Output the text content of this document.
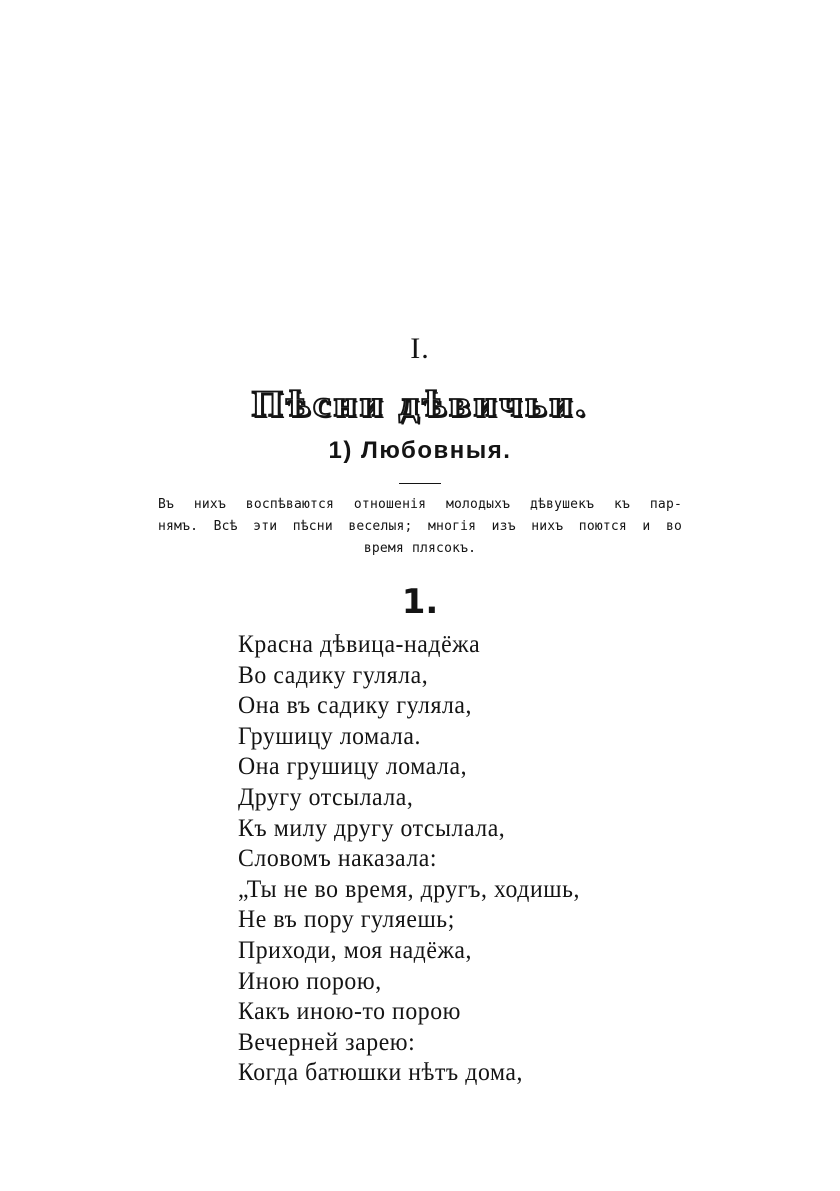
I.
Пѣсни дѣвичьи.
1) Любовныя.
Въ нихъ воспѣваются отношенія молодыхъ дѣвушекъ къ пар-
нямъ. Всѣ эти пѣсни веселыя; многія изъ нихъ поются и во
время плясокъ.
1.
Красна дѣвица-надёжа
Во садику гуляла,
Она въ садику гуляла,
Грушицу ломала.
Она грушицу ломала,
Другу отсылала,
Къ милу другу отсылала,
Словомъ наказала:
„Ты не во время, другъ, ходишь,
Не въ пору гуляешь;
Приходи, моя надёжа,
Иною порою,
Какъ иною-то порою
Вечерней зарею:
Когда батюшки нѣтъ дома,
